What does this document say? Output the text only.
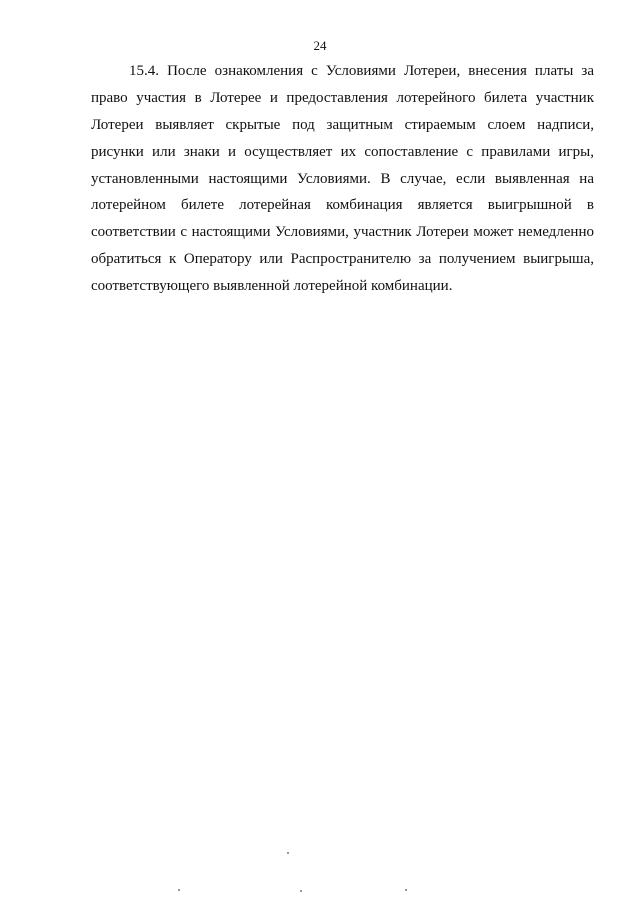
24
15.4. После ознакомления с Условиями Лотереи, внесения платы за
право участия в Лотерее и предоставления лотерейного билета участник
Лотереи выявляет скрытые под защитным стираемым слоем надписи,
рисунки или знаки и осуществляет их сопоставление с правилами игры,
установленными настоящими Условиями. В случае, если выявленная на
лотерейном билете лотерейная комбинация является выигрышной в
соответствии с настоящими Условиями, участник Лотереи может немедленно
обратиться к Оператору или Распространителю за получением выигрыша,
соответствующего выявленной лотерейной комбинации.
